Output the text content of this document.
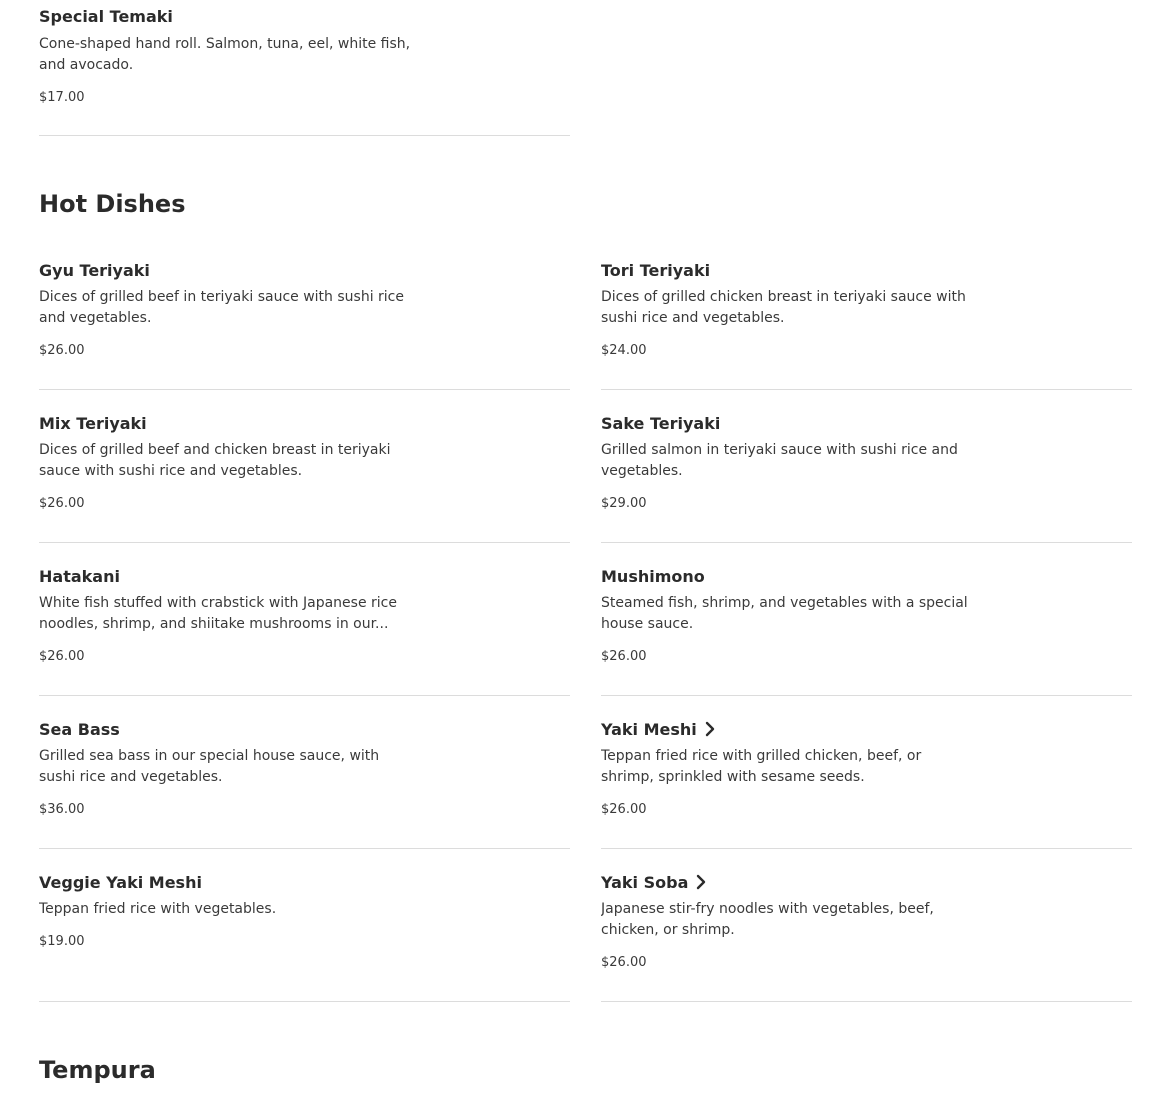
Special Temaki
Cone-shaped hand roll. Salmon, tuna, eel, white fish, and avocado.
$17.00
Hot Dishes
Gyu Teriyaki
Dices of grilled beef in teriyaki sauce with sushi rice and vegetables.
$26.00
Tori Teriyaki
Dices of grilled chicken breast in teriyaki sauce with sushi rice and vegetables.
$24.00
Mix Teriyaki
Dices of grilled beef and chicken breast in teriyaki sauce with sushi rice and vegetables.
$26.00
Sake Teriyaki
Grilled salmon in teriyaki sauce with sushi rice and vegetables.
$29.00
Hatakani
White fish stuffed with crabstick with Japanese rice noodles, shrimp, and shiitake mushrooms in our...
$26.00
Mushimono
Steamed fish, shrimp, and vegetables with a special house sauce.
$26.00
Sea Bass
Grilled sea bass in our special house sauce, with sushi rice and vegetables.
$36.00
Yaki Meshi
Teppan fried rice with grilled chicken, beef, or shrimp, sprinkled with sesame seeds.
$26.00
Veggie Yaki Meshi
Teppan fried rice with vegetables.
$19.00
Yaki Soba
Japanese stir-fry noodles with vegetables, beef, chicken, or shrimp.
$26.00
Tempura
